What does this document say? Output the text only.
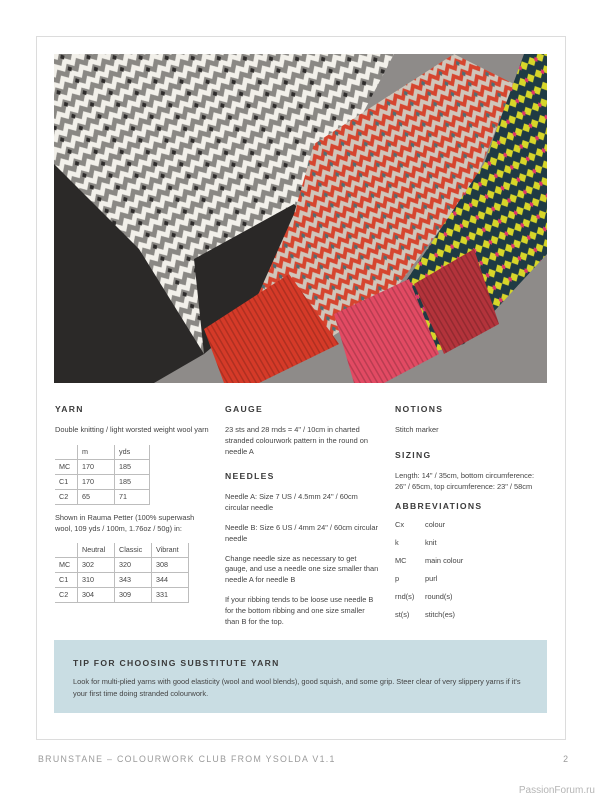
YARN

Double knitting / light worsted weight wool yarn

	m	yds
MC	170	185
C1	170	185
C2	65	71

Shown in Rauma Petter (100% superwash wool, 109 yds / 100m, 1.76oz / 50g) in:

	Neutral	Classic	Vibrant
MC	302	320	308
C1	310	343	344
C2	304	309	331
GAUGE

23 sts and 28 rnds = 4" / 10cm in charted stranded colourwork pattern in the round on needle A

NEEDLES

Needle A: Size 7 US / 4.5mm 24" / 60cm circular needle

Needle B: Size 6 US / 4mm 24" / 60cm circular needle

Change needle size as necessary to get gauge, and use a needle one size smaller than needle A for needle B

If your ribbing tends to be loose use needle B for the bottom ribbing and one size smaller than B for the top.

NOTIONS

Stitch marker

SIZING

Length: 14" / 35cm, bottom circumference: 26" / 65cm, top circumference: 23" / 58cm

ABBREVIATIONS
Cx	colour
k	knit
MC	main colour
p	purl
rnd(s)	round(s)
st(s)	stitch(es)
TIP FOR CHOOSING SUBSTITUTE YARN

Look for multi-plied yarns with good elasticity (wool and wool blends), good squish, and some grip. Steer clear of very slippery yarns if it's your first time doing stranded colourwork.

BRUNSTANE – COLOURWORK CLUB FROM YSOLDA V1.1	2
PassionForum.ru
